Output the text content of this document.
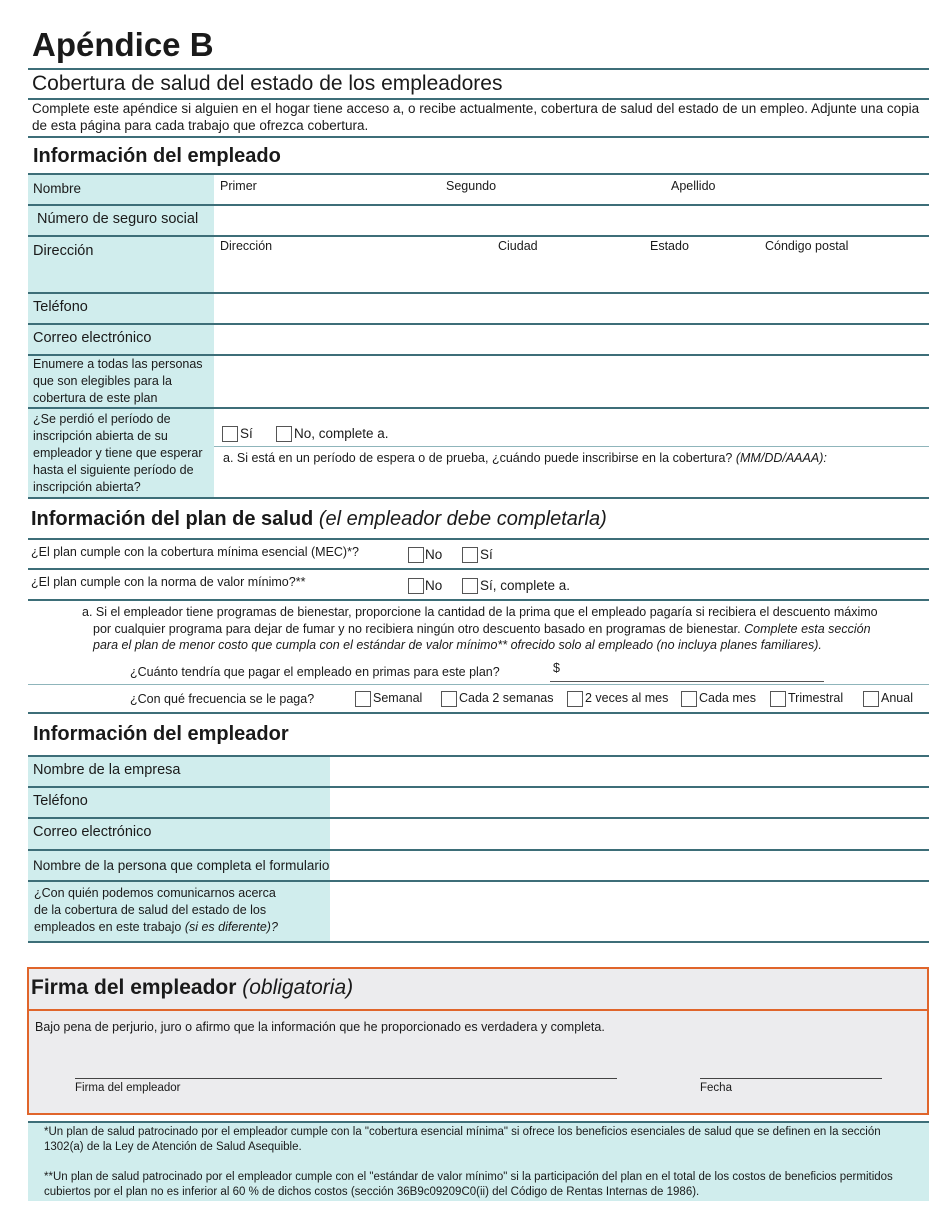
Apéndice B
Cobertura de salud del estado de los empleadores
Complete este apéndice si alguien en el hogar tiene acceso a, o recibe actualmente, cobertura de salud del estado de un empleo. Adjunte una copia de esta página para cada trabajo que ofrezca cobertura.
Información del empleado
Nombre	Primer	Segundo	Apellido
Número de seguro social
Dirección	Dirección	Ciudad	Estado	Cóndigo postal
Teléfono
Correo electrónico
Enumere a todas las personas
que son elegibles para la
cobertura de este plan
¿Se perdió el período de
inscripción abierta de su
empleador y tiene que esperar
hasta el siguiente período de
inscripción abierta?
Sí	No, complete a.
a. Si está en un período de espera o de prueba, ¿cuándo puede inscribirse en la cobertura? (MM/DD/AAAA):
Información del plan de salud (el empleador debe completarla)
¿El plan cumple con la cobertura mínima esencial (MEC)*?	No	Sí
¿El plan cumple con la norma de valor mínimo?**	No	Sí, complete a.
a. Si el empleador tiene programas de bienestar, proporcione la cantidad de la prima que el empleado pagaría si recibiera el descuento máximo
por cualquier programa para dejar de fumar y no recibiera ningún otro descuento basado en programas de bienestar. Complete esta sección
para el plan de menor costo que cumpla con el estándar de valor mínimo** ofrecido solo al empleado (no incluya planes familiares).
¿Cuánto tendría que pagar el empleado en primas para este plan?	$
¿Con qué frecuencia se le paga?	Semanal	Cada 2 semanas	2 veces al mes Cada mes	Trimestral	Anual
Información del empleador
Nombre de la empresa
Teléfono
Correo electrónico
Nombre de la persona que completa el formulario
¿Con quién podemos comunicarnos acerca
de la cobertura de salud del estado de los
empleados en este trabajo (si es diferente)?
Firma del empleador (obligatoria)
Bajo pena de perjurio, juro o afirmo que la información que he proporcionado es verdadera y completa.
Firma del empleador	Fecha
*Un plan de salud patrocinado por el empleador cumple con la "cobertura esencial mínima" si ofrece los beneficios esenciales de salud que se definen en la sección
1302(a) de la Ley de Atención de Salud Asequible.
**Un plan de salud patrocinado por el empleador cumple con el "estándar de valor mínimo" si la participación del plan en el total de los costos de beneficios permitidos
cubiertos por el plan no es inferior al 60 % de dichos costos (sección 36B9c09209C0(ii) del Código de Rentas Internas de 1986).
